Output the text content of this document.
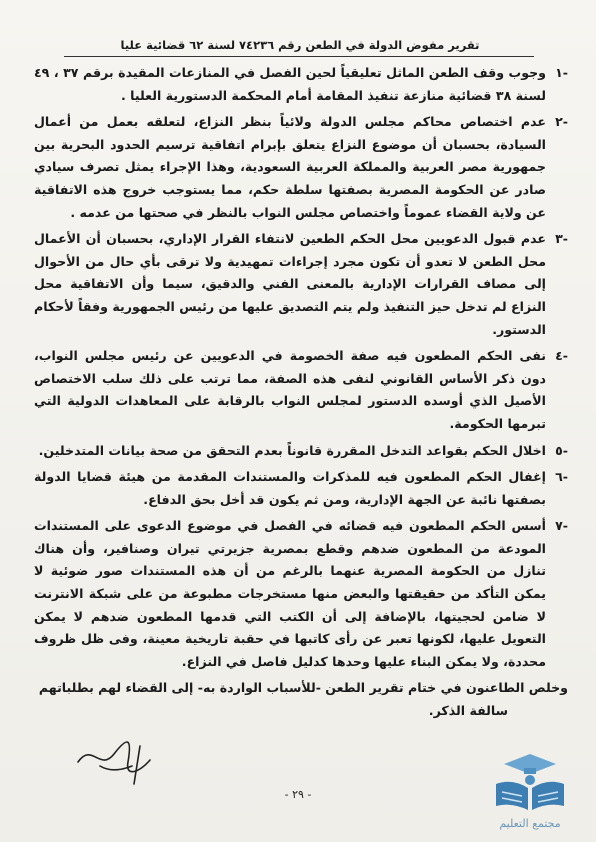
تقرير مفوض الدولة في الطعن رقم ٧٤٢٣٦ لسنة ٦٢ قضائية عليا
-١
وجوب وقف الطعن الماثل تعليقياً لحين الفصل في المنازعات المقيدة برقم ٣٧ ، ٤٩ لسنة ٣٨ قضائية منازعة تنفيذ المقامة أمام المحكمة الدستورية العليا .
-٢
عدم اختصاص محاكم مجلس الدولة ولائياً بنظر النزاع، لتعلقه بعمل من أعمال السيادة، بحسبان أن موضوع النزاع يتعلق بإبرام اتفاقية ترسيم الحدود البحرية بين جمهورية مصر العربية والمملكة العربية السعودية، وهذا الإجراء يمثل تصرف سيادي صادر عن الحكومة المصرية بصفتها سلطة حكم، مما يستوجب خروج هذه الاتفاقية عن ولاية القضاء عموماً واختصاص مجلس النواب بالنظر في صحتها من عدمه .
-٣
عدم قبول الدعويين محل الحكم الطعين لانتفاء القرار الإداري، بحسبان أن الأعمال محل الطعن لا تعدو أن تكون مجرد إجراءات تمهيدية ولا ترقى بأي حال من الأحوال إلى مصاف القرارات الإدارية بالمعنى الفني والدقيق، سيما وأن الاتفاقية محل النزاع لم تدخل حيز التنفيذ ولم يتم التصديق عليها من رئيس الجمهورية وفقاً لأحكام الدستور.
-٤
نفى الحكم المطعون فيه صفة الخصومة في الدعويين عن رئيس مجلس النواب، دون ذكر الأساس القانوني لنفى هذه الصفة، مما ترتب على ذلك سلب الاختصاص الأصيل الذي أوسده الدستور لمجلس النواب بالرقابة على المعاهدات الدولية التي تبرمها الحكومة.
-٥
اخلال الحكم بقواعد التدخل المقررة قانوناً بعدم التحقق من صحة بيانات المتدخلين.
-٦
إغفال الحكم المطعون فيه للمذكرات والمستندات المقدمة من هيئة قضايا الدولة بصفتها نائبة عن الجهة الإدارية، ومن ثم يكون قد أخل بحق الدفاع.
-٧
أسس الحكم المطعون فيه قضائه في الفصل في موضوع الدعوى على المستندات المودعة من المطعون ضدهم وقطع بمصرية جزيرتي تيران وصنافير، وأن هناك تنازل من الحكومة المصرية عنهما بالرغم من أن هذه المستندات صور ضوئية لا يمكن التأكد من حقيقتها والبعض منها مستخرجات مطبوعة من على شبكة الانترنت لا ضامن لحجيتها، بالإضافة إلى أن الكتب التي قدمها المطعون ضدهم لا يمكن التعويل عليها، لكونها تعبر عن رأى كاتبها في حقبة تاريخية معينة، وفى ظل ظروف محددة، ولا يمكن البناء عليها وحدها كدليل فاصل في النزاع.
وخلص الطاعنون في ختام تقرير الطعن -للأسباب الواردة به- إلى القضاء لهم بطلباتهم
سالفة الذكر.
- ٢٩ -
مجتمع التعليم
